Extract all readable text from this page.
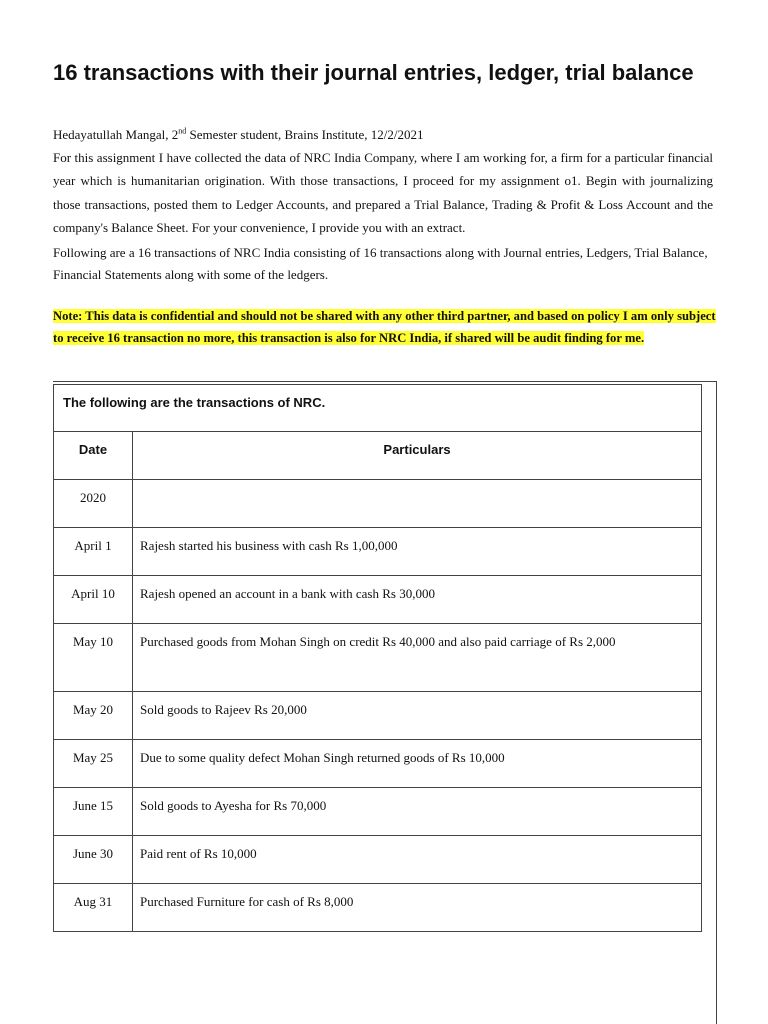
16 transactions with their journal entries, ledger, trial balance
Hedayatullah Mangal, 2nd Semester student, Brains Institute, 12/2/2021

For this assignment I have collected the data of NRC India Company, where I am working for, a firm for a particular financial year which is humanitarian origination. With those transactions, I proceed for my assignment o1. Begin with journalizing those transactions, posted them to Ledger Accounts, and prepared a Trial Balance, Trading & Profit & Loss Account and the company's Balance Sheet. For your convenience, I provide you with an extract.

Following are a 16 transactions of NRC India consisting of 16 transactions along with Journal entries, Ledgers, Trial Balance, Financial Statements along with some of the ledgers.

Note: This data is confidential and should not be shared with any other third partner, and based on policy I am only subject to receive 16 transaction no more, this transaction is also for NRC India, if shared will be audit finding for me.

The following are the transactions of NRC.	
Date	Particulars
2020	
April 1	Rajesh started his business with cash Rs 1,00,000
April 10	Rajesh opened an account in a bank with cash Rs 30,000
May 10	Purchased goods from Mohan Singh on credit Rs 40,000 and also paid carriage of Rs 2,000
May 20	Sold goods to Rajeev Rs 20,000
May 25	Due to some quality defect Mohan Singh returned goods of Rs 10,000
June 15	Sold goods to Ayesha for Rs 70,000
June 30	Paid rent of Rs 10,000
Aug 31	Purchased Furniture for cash of Rs 8,000
